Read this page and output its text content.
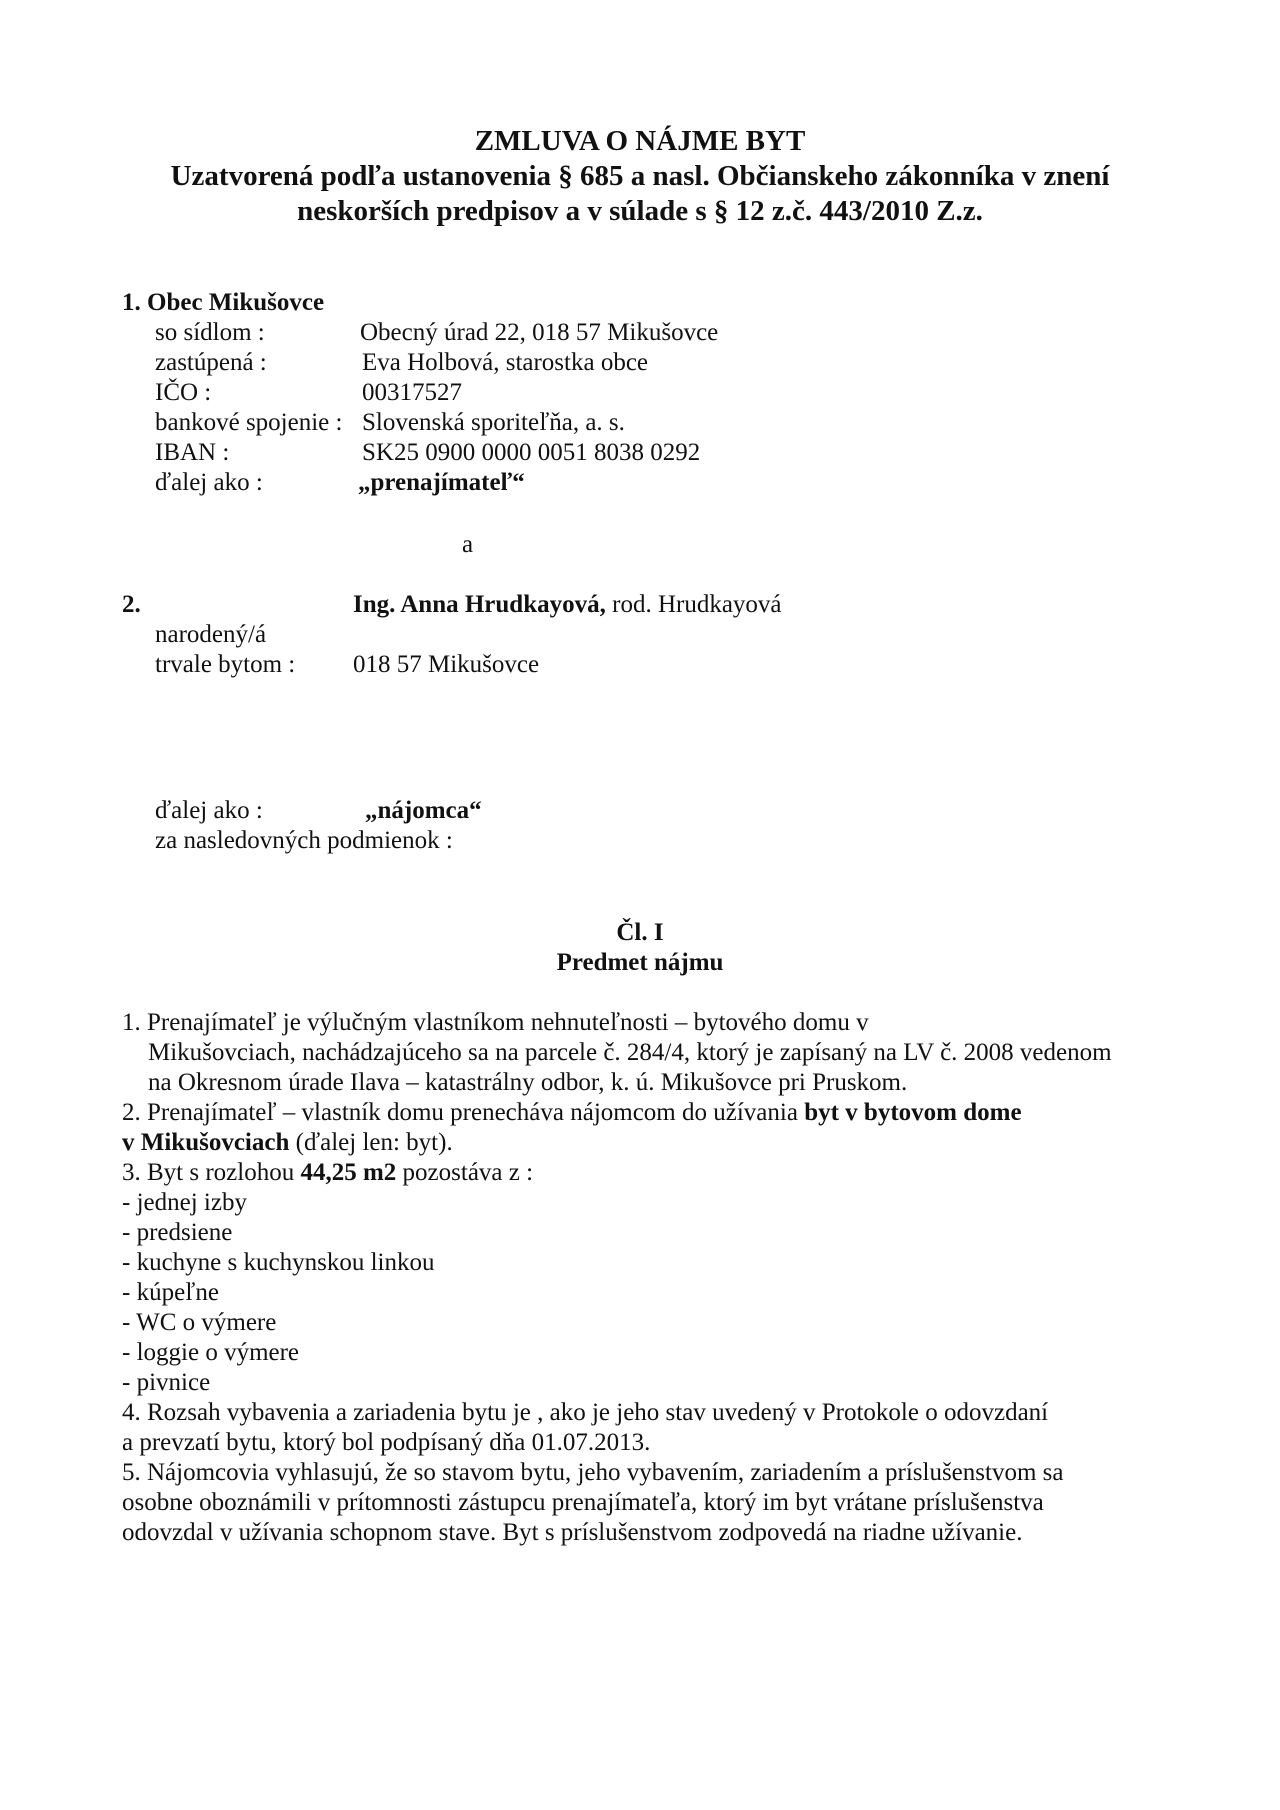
ZMLUVA O NÁJME BYT
Uzatvorená podľa ustanovenia § 685 a nasl. Občianskeho zákonníka v znení
neskorších predpisov a v súlade s § 12 z.č. 443/2010 Z.z.
1. Obec Mikušovce
so sídlom :	Obecný úrad 22, 018 57 Mikušovce
zastúpená :	Eva Holbová, starostka obce
IČO :	00317527
bankové spojenie : Slovenská sporiteľňa, a. s.
IBAN :	SK25 0900 0000 0051 8038 0292
ďalej ako :	„prenajímateľ“
a
2.	Ing. Anna Hrudkayová, rod. Hrudkayová
narodený/á
trvale bytom : 018 57 Mikušovce
ďalej ako :	„nájomca“
za nasledovných podmienok :
Čl. I
Predmet nájmu
1. Prenajímateľ je výlučným vlastníkom nehnuteľnosti – bytového domu v
Mikušovciach, nachádzajúceho sa na parcele č. 284/4, ktorý je zapísaný na LV č. 2008 vedenom
na Okresnom úrade Ilava – katastrálny odbor, k. ú. Mikušovce pri Pruskom.
2. Prenajímateľ – vlastník domu prenecháva nájomcom do užívania byt v bytovom dome
v Mikušovciach (ďalej len: byt).
3. Byt s rozlohou 44,25 m2 pozostáva z :
- jednej izby
- predsiene
- kuchyne s kuchynskou linkou
- kúpeľne
- WC o výmere
- loggie o výmere
- pivnice
4. Rozsah vybavenia a zariadenia bytu je , ako je jeho stav uvedený v Protokole o odovzdaní
a prevzatí bytu, ktorý bol podpísaný dňa 01.07.2013.
5. Nájomcovia vyhlasujú, že so stavom bytu, jeho vybavením, zariadením a príslušenstvom sa
osobne oboznámili v prítomnosti zástupcu prenajímateľa, ktorý im byt vrátane príslušenstva
odovzdal v užívania schopnom stave. Byt s príslušenstvom zodpovedá na riadne užívanie.
